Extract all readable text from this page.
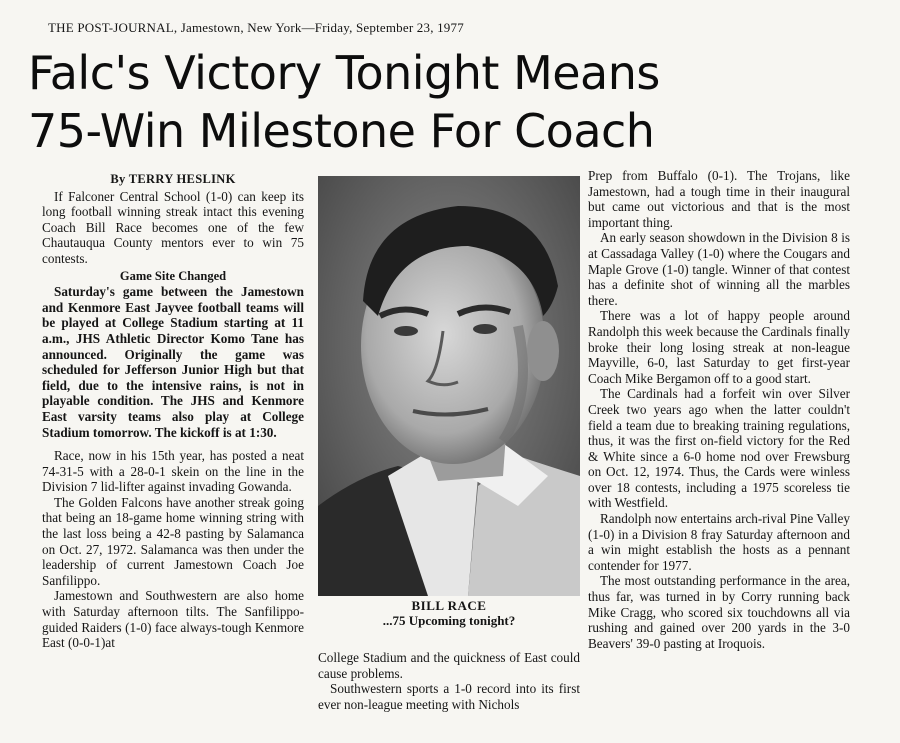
THE POST-JOURNAL, Jamestown, New York—Friday, September 23, 1977
Falc's Victory Tonight Means
75-Win Milestone For Coach
By TERRY HESLINK

If Falconer Central School (1-0) can keep its long football winning streak intact this evening Coach Bill Race becomes one of the few Chautauqua County mentors ever to win 75 contests.

Game Site Changed

Saturday's game between the Jamestown and Kenmore East Jayvee football teams will be played at College Stadium starting at 11 a.m., JHS Athletic Director Komo Tane has announced. Originally the game was scheduled for Jefferson Junior High but that field, due to the intensive rains, is not in playable condition. The JHS and Kenmore East varsity teams also play at College Stadium tomorrow. The kickoff is at 1:30.

Race, now in his 15th year, has posted a neat 74-31-5 with a 28-0-1 skein on the line in the Division 7 lid-lifter against invading Gowanda.

The Golden Falcons have another streak going that being an 18-game home winning string with the last loss being a 42-8 pasting by Salamanca on Oct. 27, 1972. Salamanca was then under the leadership of current Jamestown Coach Joe Sanfilippo.

Jamestown and Southwestern are also home with Saturday afternoon tilts. The Sanfilippo-guided Raiders (1-0) face always-tough Kenmore East (0-0-1)at

BILL RACE
...75 Upcoming tonight?

College Stadium and the quickness of East could cause problems.

Southwestern sports a 1-0 record into its first ever non-league meeting with Nichols

Prep from Buffalo (0-1). The Trojans, like Jamestown, had a tough time in their inaugural but came out victorious and that is the most important thing.

An early season showdown in the Division 8 is at Cassadaga Valley (1-0) where the Cougars and Maple Grove (1-0) tangle. Winner of that contest has a definite shot of winning all the marbles there.

There was a lot of happy people around Randolph this week because the Cardinals finally broke their long losing streak at non-league Mayville, 6-0, last Saturday to get first-year Coach Mike Bergamon off to a good start.

The Cardinals had a forfeit win over Silver Creek two years ago when the latter couldn't field a team due to breaking training regulations, thus, it was the first on-field victory for the Red & White since a 6-0 home nod over Frewsburg on Oct. 12, 1974. Thus, the Cards were winless over 18 contests, including a 1975 scoreless tie with Westfield.

Randolph now entertains arch-rival Pine Valley (1-0) in a Division 8 fray Saturday afternoon and a win might establish the hosts as a pennant contender for 1977.

The most outstanding performance in the area, thus far, was turned in by Corry running back Mike Cragg, who scored six touchdowns all via rushing and gained over 200 yards in the 3-0 Beavers' 39-0 pasting at Iroquois.
